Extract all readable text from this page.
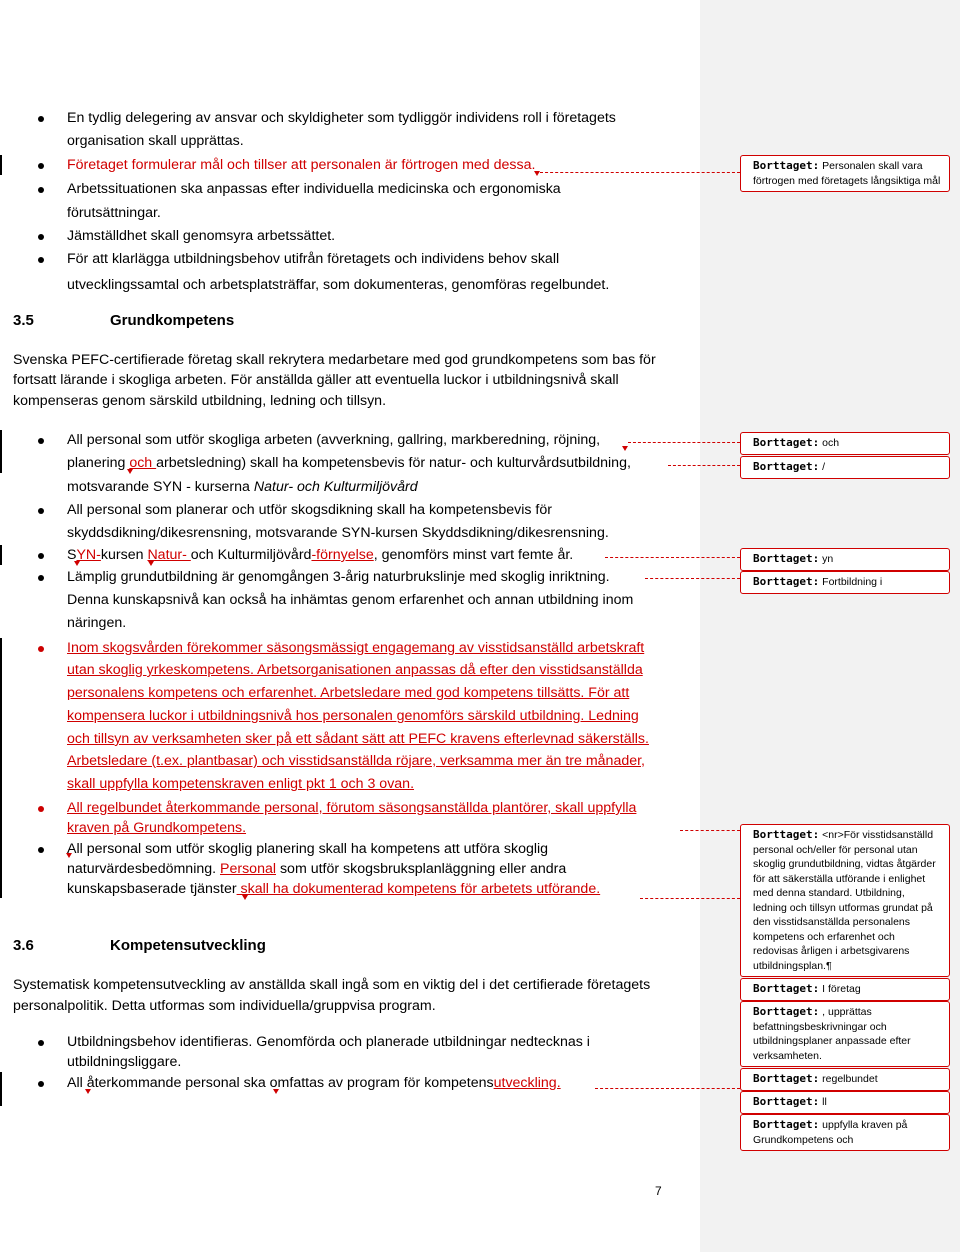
En tydlig delegering av ansvar och skyldigheter som tydliggör individens roll i företagets
organisation skall upprättas.
Företaget formulerar mål och tillser att personalen är förtrogen med dessa.
Arbetssituationen ska anpassas efter individuella medicinska och ergonomiska
förutsättningar.
Jämställdhet skall genomsyra arbetssättet.
För att klarlägga utbildningsbehov utifrån företagets och individens behov skall
utvecklingssamtal och arbetsplatsträffar, som dokumenteras, genomföras regelbundet.
3.5	Grundkompetens
Svenska PEFC-certifierade företag skall rekrytera medarbetare med god grundkompetens som bas för
fortsatt lärande i skogliga arbeten. För anställda gäller att eventuella luckor i utbildningsnivå skall
kompenseras genom särskild utbildning, ledning och tillsyn.
All personal som utför skogliga arbeten (avverkning, gallring, markberedning, röjning,
planering och arbetsledning) skall ha kompetensbevis för natur- och kulturvårdsutbildning,
motsvarande SYN - kurserna Natur- och Kulturmiljövård
All personal som planerar och utför skogsdikning skall ha kompetensbevis för
skyddsdikning/dikesrensning, motsvarande SYN-kursen Skyddsdikning/dikesrensning.
SYN-kursen Natur- och Kulturmiljövård-förnyelse, genomförs minst vart femte år.
Lämplig grundutbildning är genomgången 3-årig naturbrukslinje med skoglig inriktning.
Denna kunskapsnivå kan också ha inhämtas genom erfarenhet och annan utbildning inom
näringen.
Inom skogsvården förekommer säsongsmässigt engagemang av visstidsanställd arbetskraft
utan skoglig yrkeskompetens. Arbetsorganisationen anpassas då efter den visstidsanställda
personalens kompetens och erfarenhet. Arbetsledare med god kompetens tillsätts. För att
kompensera luckor i utbildningsnivå hos personalen genomförs särskild utbildning. Ledning
och tillsyn av verksamheten sker på ett sådant sätt att PEFC kravens efterlevnad säkerställs.
Arbetsledare (t.ex. plantbasar) och visstidsanställda röjare, verksamma mer än tre månader,
skall uppfylla kompetenskraven enligt pkt 1 och 3 ovan.
All regelbundet återkommande personal, förutom säsongsanställda plantörer, skall uppfylla
kraven på Grundkompetens.
All personal som utför skoglig planering skall ha kompetens att utföra skoglig
naturvärdesbedömning. Personal som utför skogsbruksplanläggning eller andra
kunskapsbaserade tjänster skall ha dokumenterad kompetens för arbetets utförande.
3.6	Kompetensutveckling
Systematisk kompetensutveckling av anställda skall ingå som en viktig del i det certifierade företagets
personalpolitik. Detta utformas som individuella/gruppvisa program.
Utbildningsbehov identifieras. Genomförda och planerade utbildningar nedtecknas i
utbildningsliggare.
All återkommande personal ska omfattas av program för kompetensutveckling.
Borttaget: Personalen skall vara förtrogen med företagets långsiktiga mål
Borttaget: och
Borttaget: /
Borttaget: yn
Borttaget: Fortbildning i
Borttaget: <nr>För visstidsanställd personal och/eller för personal utan skoglig grundutbildning, vidtas åtgärder för att säkerställa utförande i enlighet med denna standard. Utbildning, ledning och tillsyn utformas grundat på den visstidsanställda personalens kompetens och erfarenhet och redovisas årligen i arbetsgivarens utbildningsplan.¶
Borttaget: I företag
Borttaget: , upprättas befattningsbeskrivningar och utbildningsplaner anpassade efter verksamheten.
Borttaget: regelbundet
Borttaget: ll
Borttaget: uppfylla kraven på Grundkompetens och
7
